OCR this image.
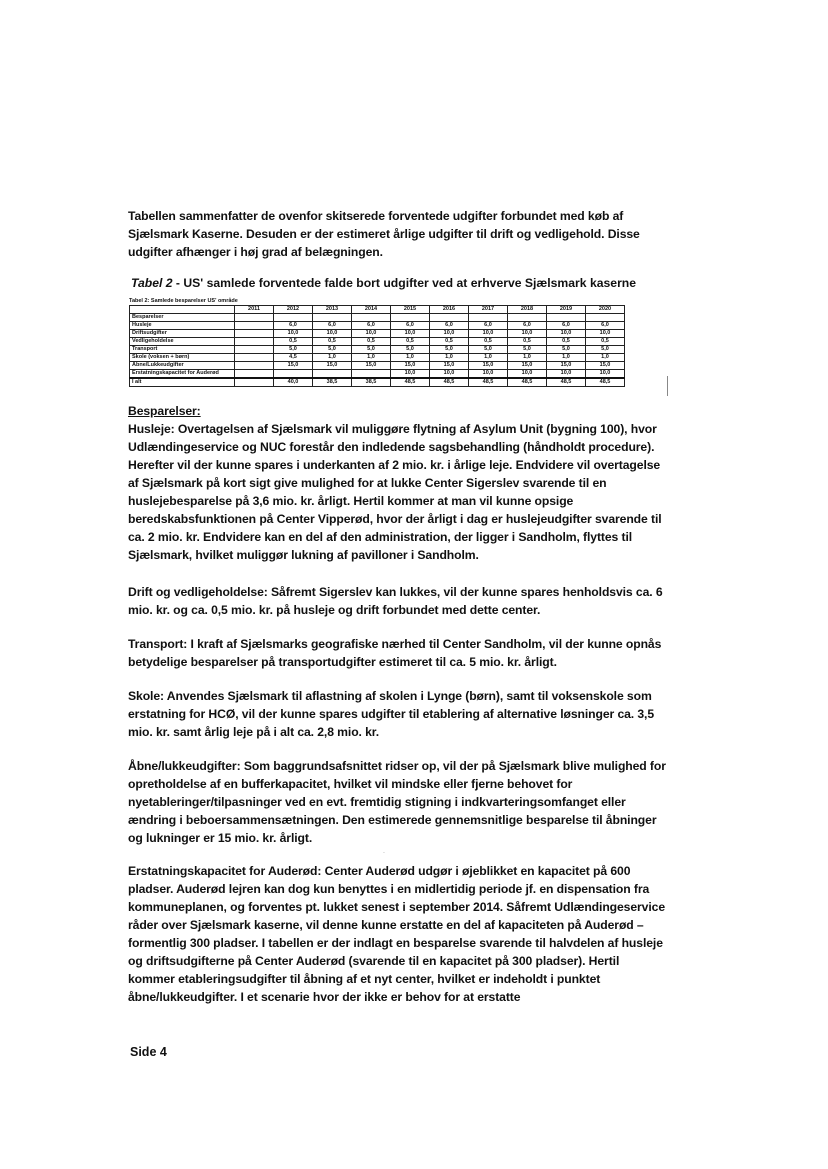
Tabellen sammenfatter de ovenfor skitserede forventede udgifter forbundet med køb af Sjælsmark Kaserne. Desuden er der estimeret årlige udgifter til drift og vedligehold. Disse udgifter afhænger i høj grad af belægningen.

Tabel 2 - US' samlede forventede falde bort udgifter ved at erhverve Sjælsmark kaserne

Tabel 2: Samlede besparelser US' område
	2011	2012	2013	2014	2015	2016	2017	2018	2019	2020
Besparelser										
Husleje		6,0	6,0	6,0	6,0	6,0	6,0	6,0	6,0	6,0
Driftsudgifter		10,0	10,0	10,0	10,0	10,0	10,0	10,0	10,0	10,0
Vedligeholdelse		0,5	0,5	0,5	0,5	0,5	0,5	0,5	0,5	0,5
Transport		5,0	5,0	5,0	5,0	5,0	5,0	5,0	5,0	5,0
Skole (voksen + børn)		4,5	1,0	1,0	1,0	1,0	1,0	1,0	1,0	1,0
Åbne/Lukkeudgifter		15,0	15,0	15,0	15,0	15,0	15,0	15,0	15,0	15,0
Erstatningskapacitet for Auderød					10,0	10,0	10,0	10,0	10,0	10,0
I alt		40,0	38,5	38,5	48,5	48,5	48,5	48,5	48,5	48,5

Besparelser:

Husleje: Overtagelsen af Sjælsmark vil muliggøre flytning af Asylum Unit (bygning 100), hvor Udlændingeservice og NUC forestår den indledende sagsbehandling (håndholdt procedure). Herefter vil der kunne spares i underkanten af 2 mio. kr. i årlige leje. Endvidere vil overtagelse af Sjælsmark på kort sigt give mulighed for at lukke Center Sigerslev svarende til en huslejebesparelse på 3,6 mio. kr. årligt. Hertil kommer at man vil kunne opsige beredskabsfunktionen på Center Vipperød, hvor der årligt i dag er huslejeudgifter svarende til ca. 2 mio. kr. Endvidere kan en del af den administration, der ligger i Sandholm, flyttes til Sjælsmark, hvilket muliggør lukning af pavilloner i Sandholm.

Drift og vedligeholdelse: Såfremt Sigerslev kan lukkes, vil der kunne spares henholdsvis ca. 6 mio. kr. og ca. 0,5 mio. kr. på husleje og drift forbundet med dette center.

Transport: I kraft af Sjælsmarks geografiske nærhed til Center Sandholm, vil der kunne opnås betydelige besparelser på transportudgifter estimeret til ca. 5 mio. kr. årligt.

Skole: Anvendes Sjælsmark til aflastning af skolen i Lynge (børn), samt til voksenskole som erstatning for HCØ, vil der kunne spares udgifter til etablering af alternative løsninger ca. 3,5 mio. kr. samt årlig leje på i alt ca. 2,8 mio. kr.

Åbne/lukkeudgifter: Som baggrundsafsnittet ridser op, vil der på Sjælsmark blive mulighed for opretholdelse af en bufferkapacitet, hvilket vil mindske eller fjerne behovet for nyetableringer/tilpasninger ved en evt. fremtidig stigning i indkvarteringsomfanget eller ændring i beboersammensætningen. Den estimerede gennemsnitlige besparelse til åbninger og lukninger er 15 mio. kr. årligt.

.

Erstatningskapacitet for Auderød: Center Auderød udgør i øjeblikket en kapacitet på 600 pladser. Auderød lejren kan dog kun benyttes i en midlertidig periode jf. en dispensation fra kommuneplanen, og forventes pt. lukket senest i september 2014. Såfremt Udlændingeservice råder over Sjælsmark kaserne, vil denne kunne erstatte en del af kapaciteten på Auderød – formentlig 300 pladser. I tabellen er der indlagt en besparelse svarende til halvdelen af husleje og driftsudgifterne på Center Auderød (svarende til en kapacitet på 300 pladser). Hertil kommer etableringsudgifter til åbning af et nyt center, hvilket er indeholdt i punktet åbne/lukkeudgifter. I et scenarie hvor der ikke er behov for at erstatte

Side 4
